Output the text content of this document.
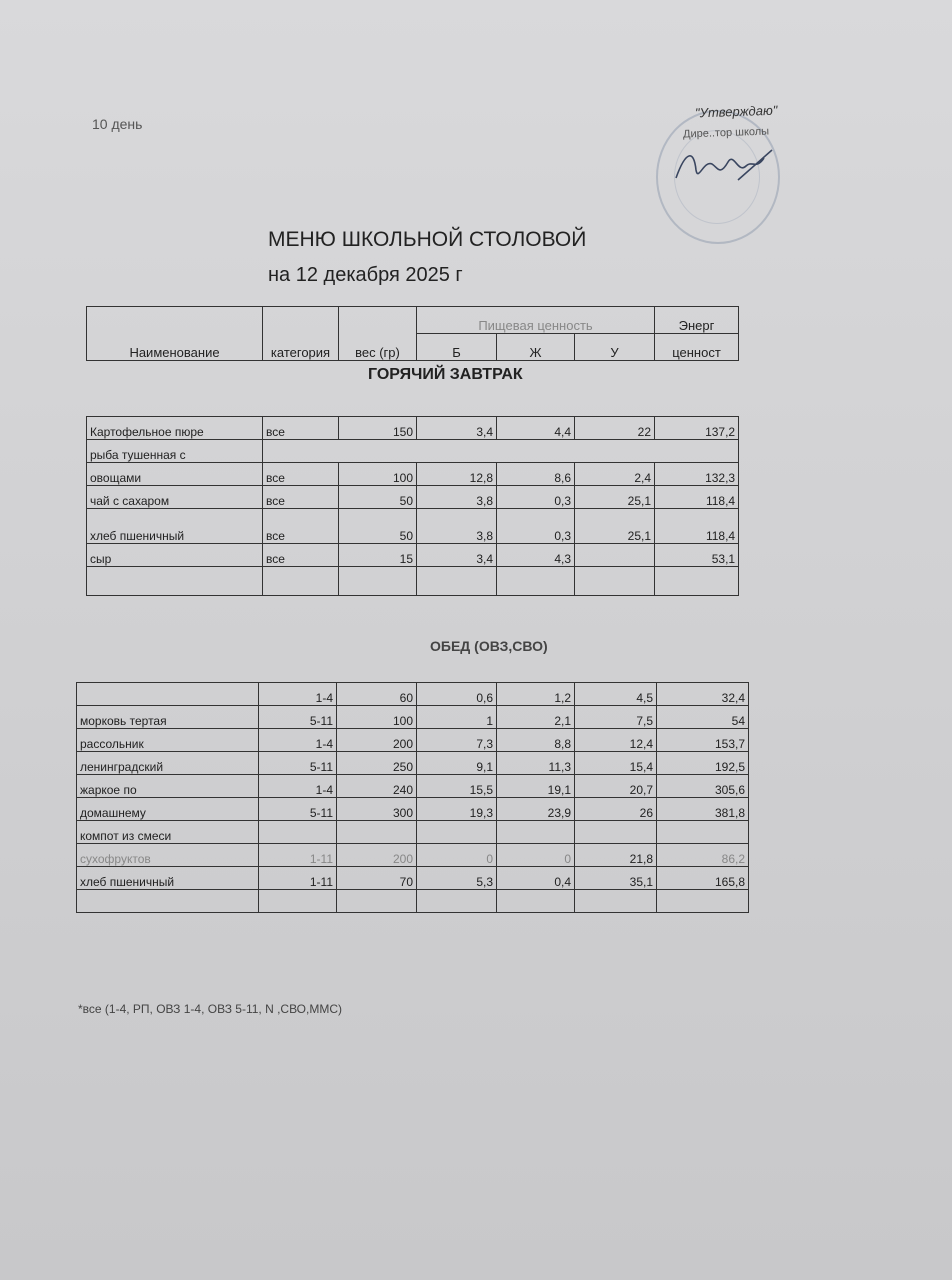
10 день
"Утверждаю"
Дире..тор школы
МЕНЮ ШКОЛЬНОЙ СТОЛОВОЙ
на 12 декабря 2025 г
Наименование	категория	вес (гр)	Пищевая ценность			Энерг
			Б	Ж	У	ценност
ГОРЯЧИЙ ЗАВТРАК

Картофельное пюре	все	150	3,4	4,4	22	137,2
рыба тушенная с						
овощами	все	100	12,8	8,6	2,4	132,3
чай с сахаром	все	50	3,8	0,3	25,1	118,4
хлеб пшеничный	все	50	3,8	0,3	25,1	118,4
сыр	все	15	3,4	4,3		53,1

ОБЕД (ОВЗ,СВО)
	1-4	60	0,6	1,2	4,5	32,4
морковь тертая	5-11	100	1	2,1	7,5	54
рассольник	1-4	200	7,3	8,8	12,4	153,7
ленинградский	5-11	250	9,1	11,3	15,4	192,5
жаркое по	1-4	240	15,5	19,1	20,7	305,6
домашнему	5-11	300	19,3	23,9	26	381,8
компот из смеси						
сухофруктов	1-11	200	0	0	21,8	86,2
хлеб пшеничный	1-11	70	5,3	0,4	35,1	165,8

*все (1-4, РП, ОВЗ 1-4, ОВЗ 5-11, N ,СВО,ММС)
